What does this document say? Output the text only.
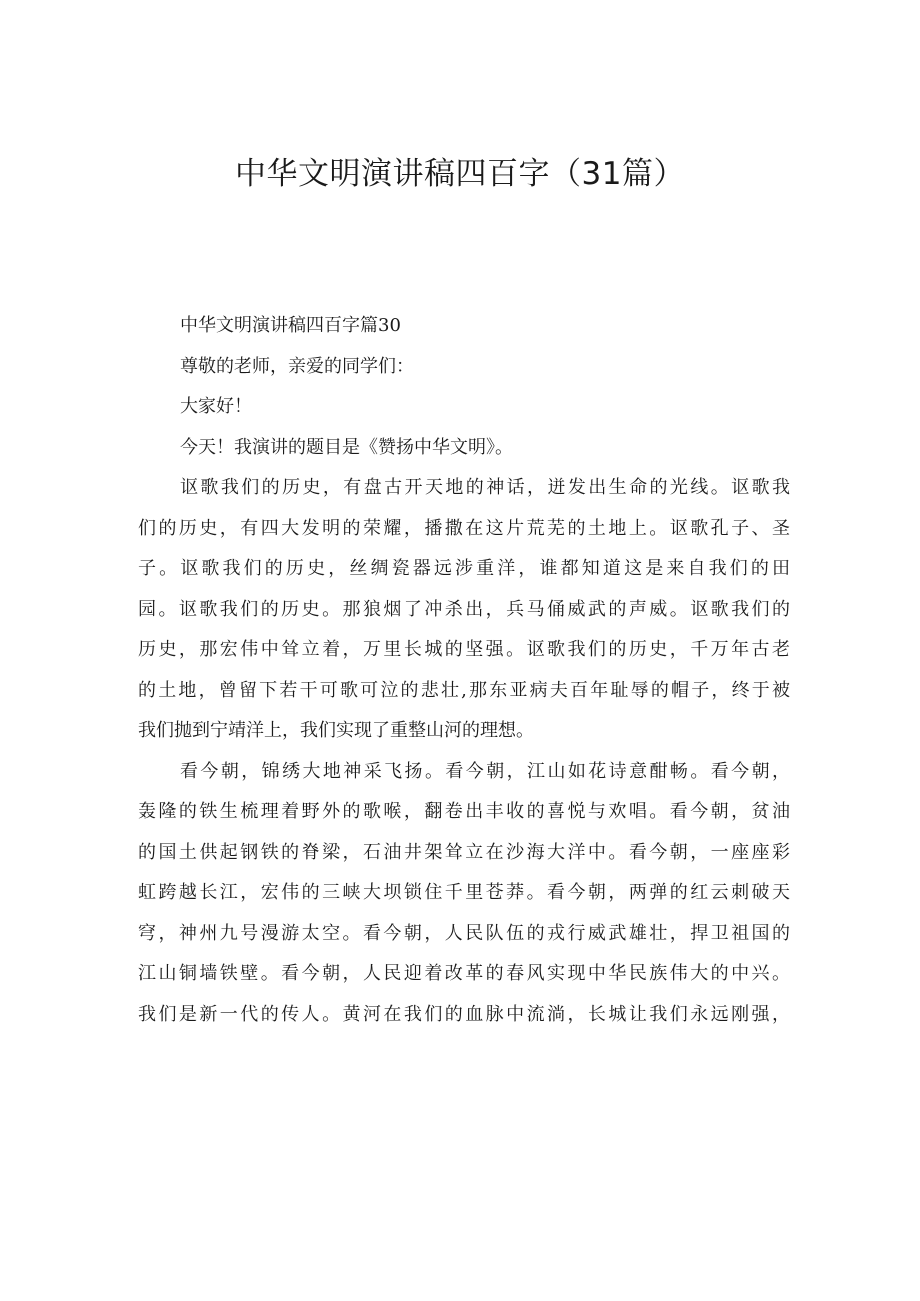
中华文明演讲稿四百字（31篇）
中华文明演讲稿四百字篇30
尊敬的老师，亲爱的同学们：
大家好！
今天！我演讲的题目是《赞扬中华文明》。
讴歌我们的历史，有盘古开天地的神话，迸发出生命的光线。讴歌我
们的历史，有四大发明的荣耀，播撒在这片荒芜的土地上。讴歌孔子、圣
子。讴歌我们的历史，丝绸瓷器远涉重洋，谁都知道这是来自我们的田
园。讴歌我们的历史。那狼烟了冲杀出，兵马俑威武的声威。讴歌我们的
历史，那宏伟中耸立着，万里长城的坚强。讴歌我们的历史，千万年古老
的土地，曾留下若干可歌可泣的悲壮,那东亚病夫百年耻辱的帽子，终于被
我们抛到宁靖洋上，我们实现了重整山河的理想。
看今朝，锦绣大地神采飞扬。看今朝，江山如花诗意酣畅。看今朝，
轰隆的铁生梳理着野外的歌喉，翻卷出丰收的喜悦与欢唱。看今朝，贫油
的国土供起钢铁的脊梁，石油井架耸立在沙海大洋中。看今朝，一座座彩
虹跨越长江，宏伟的三峡大坝锁住千里苍莽。看今朝，两弹的红云刺破天
穹，神州九号漫游太空。看今朝，人民队伍的戎行威武雄壮，捍卫祖国的
江山铜墙铁壁。看今朝，人民迎着改革的春风实现中华民族伟大的中兴。
我们是新一代的传人。黄河在我们的血脉中流淌，长城让我们永远刚强，
